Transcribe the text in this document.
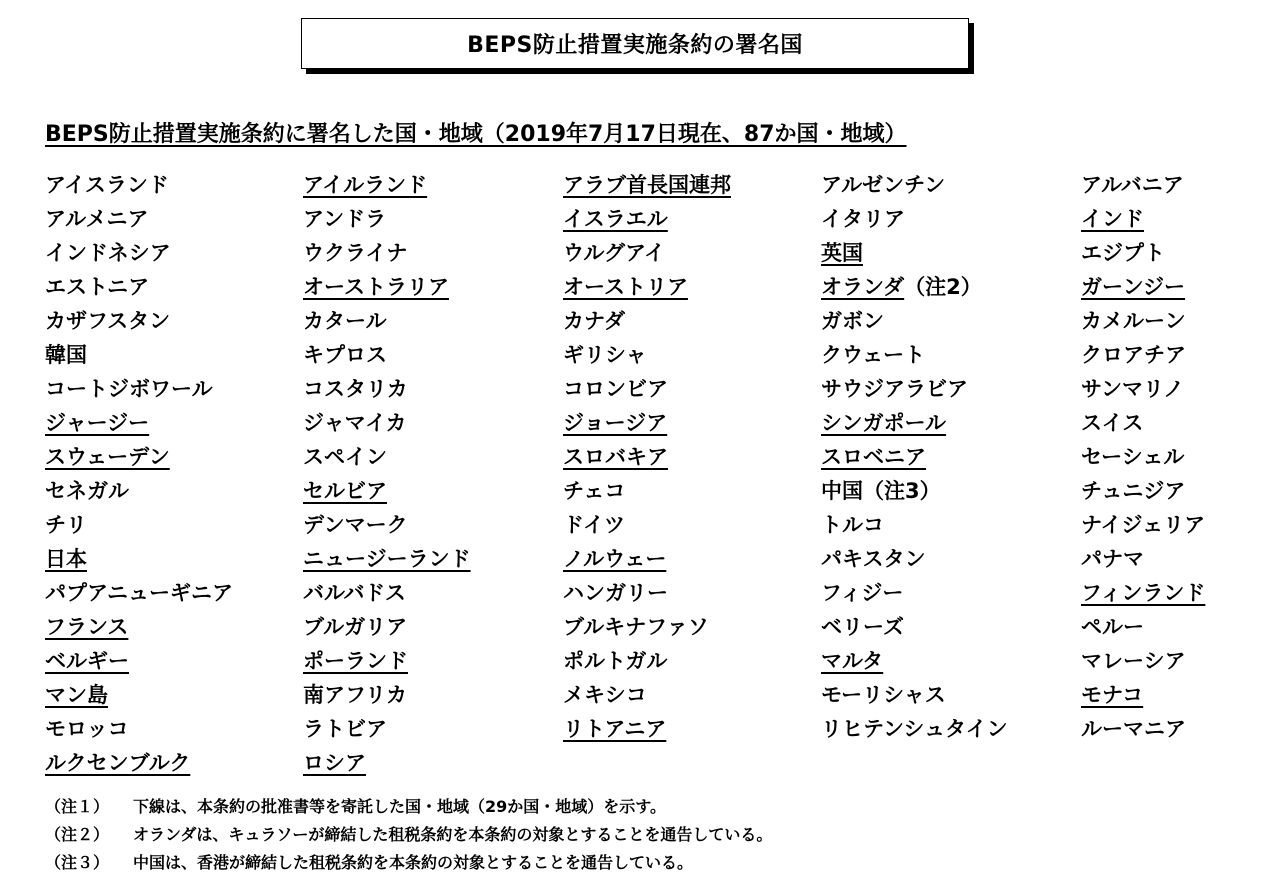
BEPS防止措置実施条約の署名国
BEPS防止措置実施条約に署名した国・地域（2019年7月17日現在、87か国・地域）
アイスランド	アイルランド	アラブ首長国連邦	アルゼンチン	アルバニア
アルメニア	アンドラ	イスラエル	イタリア	インド
インドネシア	ウクライナ	ウルグアイ	英国	エジプト
エストニア	オーストラリア	オーストリア	オランダ（注2）	ガーンジー
カザフスタン	カタール	カナダ	ガボン	カメルーン
韓国	キプロス	ギリシャ	クウェート	クロアチア
コートジボワール	コスタリカ	コロンビア	サウジアラビア	サンマリノ
ジャージー	ジャマイカ	ジョージア	シンガポール	スイス
スウェーデン	スペイン	スロバキア	スロベニア	セーシェル
セネガル	セルビア	チェコ	中国（注3）	チュニジア
チリ	デンマーク	ドイツ	トルコ	ナイジェリア
日本	ニュージーランド	ノルウェー	パキスタン	パナマ
パプアニューギニア	バルバドス	ハンガリー	フィジー	フィンランド
フランス	ブルガリア	ブルキナファソ	ベリーズ	ペルー
ベルギー	ポーランド	ポルトガル	マルタ	マレーシア
マン島	南アフリカ	メキシコ	モーリシャス	モナコ
モロッコ	ラトビア	リトアニア	リヒテンシュタイン	ルーマニア
ルクセンブルク	ロシア
（注１） 下線は、本条約の批准書等を寄託した国・地域（29か国・地域）を示す。
（注２） オランダは、キュラソーが締結した租税条約を本条約の対象とすることを通告している。
（注３） 中国は、香港が締結した租税条約を本条約の対象とすることを通告している。
